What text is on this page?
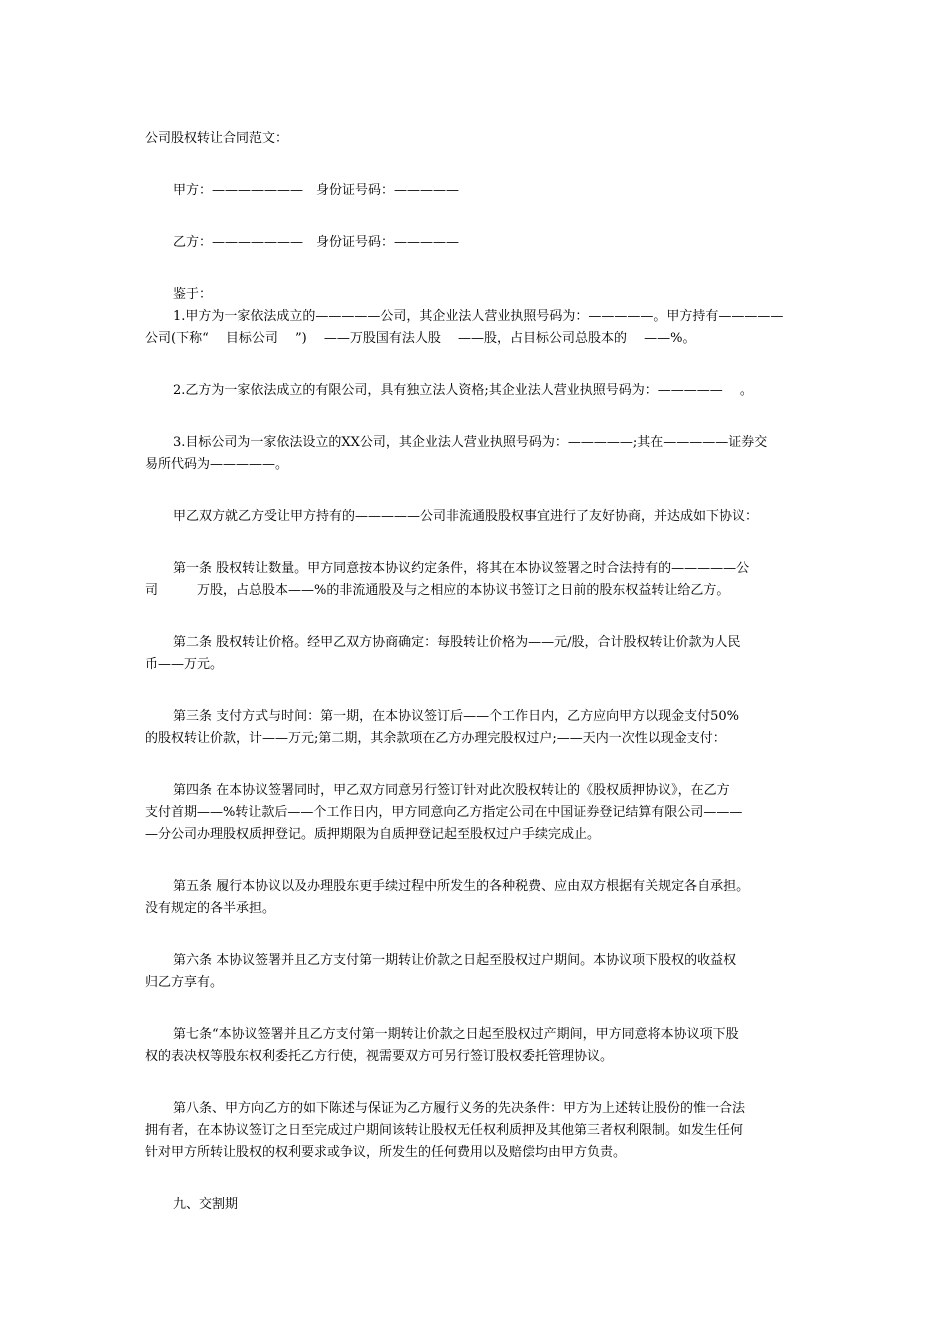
公司股权转让合同范文：
甲方：———————　身份证号码：—————
乙方：———————　身份证号码：—————
鉴于：
1.甲方为一家依法成立的—————公司，其企业法人营业执照号码为：—————。甲方持有—————
公司(下称“　 目标公司　 ”)　 ——万股国有法人股　 ——股，占目标公司总股本的　 ——%。
2.乙方为一家依法成立的有限公司，具有独立法人资格;其企业法人营业执照号码为：—————　 。
3.目标公司为一家依法设立的XX公司，其企业法人营业执照号码为：—————;其在—————证券交
易所代码为—————。
甲乙双方就乙方受让甲方持有的—————公司非流通股股权事宜进行了友好协商，并达成如下协议：
第一条 股权转让数量。甲方同意按本协议约定条件，将其在本协议签署之时合法持有的—————公
司　　　万股，占总股本——%的非流通股及与之相应的本协议书签订之日前的股东权益转让给乙方。
第二条 股权转让价格。经甲乙双方协商确定：每股转让价格为——元/股，合计股权转让价款为人民
币——万元。
第三条 支付方式与时间：第一期，在本协议签订后——个工作日内，乙方应向甲方以现金支付50%
的股权转让价款，计——万元;第二期，其余款项在乙方办理完股权过户;——天内一次性以现金支付：
第四条 在本协议签署同时，甲乙双方同意另行签订针对此次股权转让的《股权质押协议》，在乙方
支付首期——%转让款后——个工作日内，甲方同意向乙方指定公司在中国证券登记结算有限公司———
—分公司办理股权质押登记。质押期限为自质押登记起至股权过户手续完成止。
第五条 履行本协议以及办理股东更手续过程中所发生的各种税费、应由双方根据有关规定各自承担。
没有规定的各半承担。
第六条 本协议签署并且乙方支付第一期转让价款之日起至股权过户期间。本协议项下股权的收益权
归乙方享有。
第七条“本协议签署并且乙方支付第一期转让价款之日起至股权过产期间，甲方同意将本协议项下股
权的表决权等股东权利委托乙方行使，视需要双方可另行签订股权委托管理协议。
第八条、甲方向乙方的如下陈述与保证为乙方履行义务的先决条件：甲方为上述转让股份的惟一合法
拥有者，在本协议签订之日至完成过户期间该转让股权无任权利质押及其他第三者权利限制。如发生任何
针对甲方所转让股权的权利要求或争议，所发生的任何费用以及赔偿均由甲方负责。
九、交割期
